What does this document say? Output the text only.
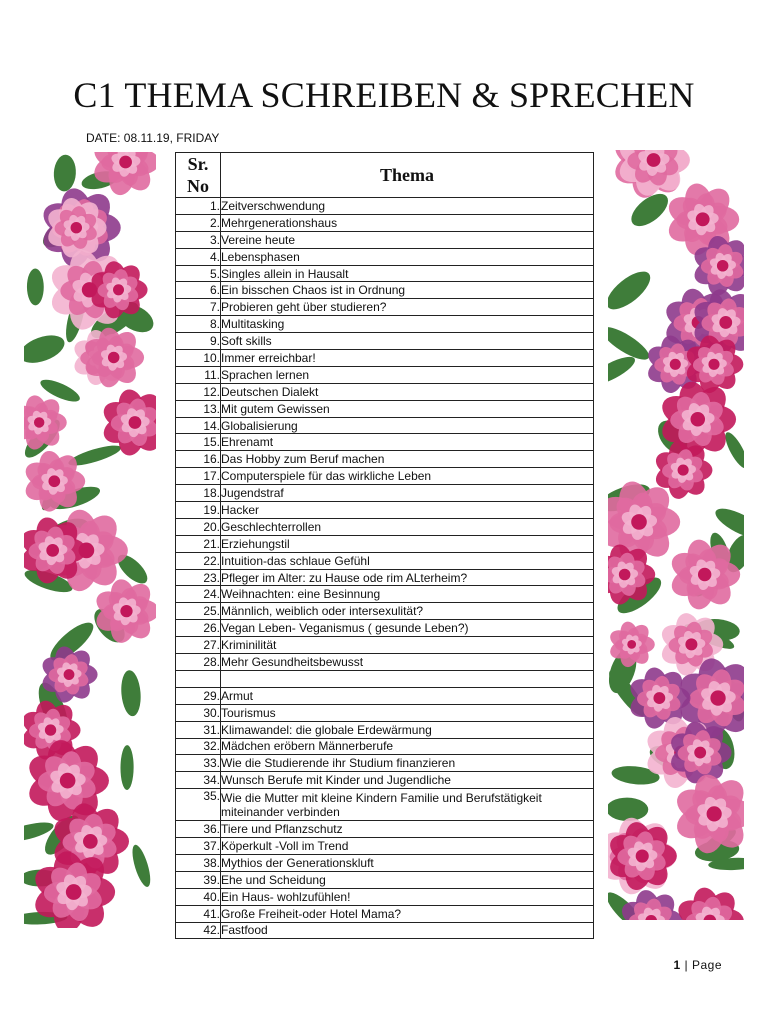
C1 THEMA SCHREIBEN & SPRECHEN
DATE: 08.11.19, FRIDAY
Sr.
No	Thema
1.	Zeitverschwendung
2.	Mehrgenerationshaus
3.	Vereine heute
4.	Lebensphasen
5.	Singles allein in Hausalt
6.	Ein bisschen Chaos ist in Ordnung
7.	Probieren geht über studieren?
8.	Multitasking
9.	Soft skills
10.	Immer erreichbar!
11.	Sprachen lernen
12.	Deutschen Dialekt
13.	Mit gutem Gewissen
14.	Globalisierung
15.	Ehrenamt
16.	Das Hobby zum Beruf machen
17.	Computerspiele für das wirkliche Leben
18.	Jugendstraf
19.	Hacker
20.	Geschlechterrollen
21.	Erziehungstil
22.	Intuition-das schlaue Gefühl
23.	Pfleger im Alter: zu Hause ode rim ALterheim?
24.	Weihnachten: eine Besinnung
25.	Männlich, weiblich oder intersexulität?
26.	Vegan Leben- Veganismus ( gesunde Leben?)
27.	Kriminilität
28.	Mehr Gesundheitsbewusst

29.	Armut
30.	Tourismus
31.	Klimawandel: die globale Erdewärmung
32.	Mädchen eröbern Männerberufe
33.	Wie die Studierende ihr Studium finanzieren
34.	Wunsch Berufe mit Kinder und Jugendliche
35.	Wie die Mutter mit kleine Kindern Familie und Berufstätigkeit miteinander verbinden
36.	Tiere und Pflanzschutz
37.	Köperkult -Voll im Trend
38.	Mythios der Generationskluft
39.	Ehe und Scheidung
40.	Ein Haus- wohlzufühlen!
41.	Große Freiheit-oder Hotel Mama?
42.	Fastfood
1 | Page
